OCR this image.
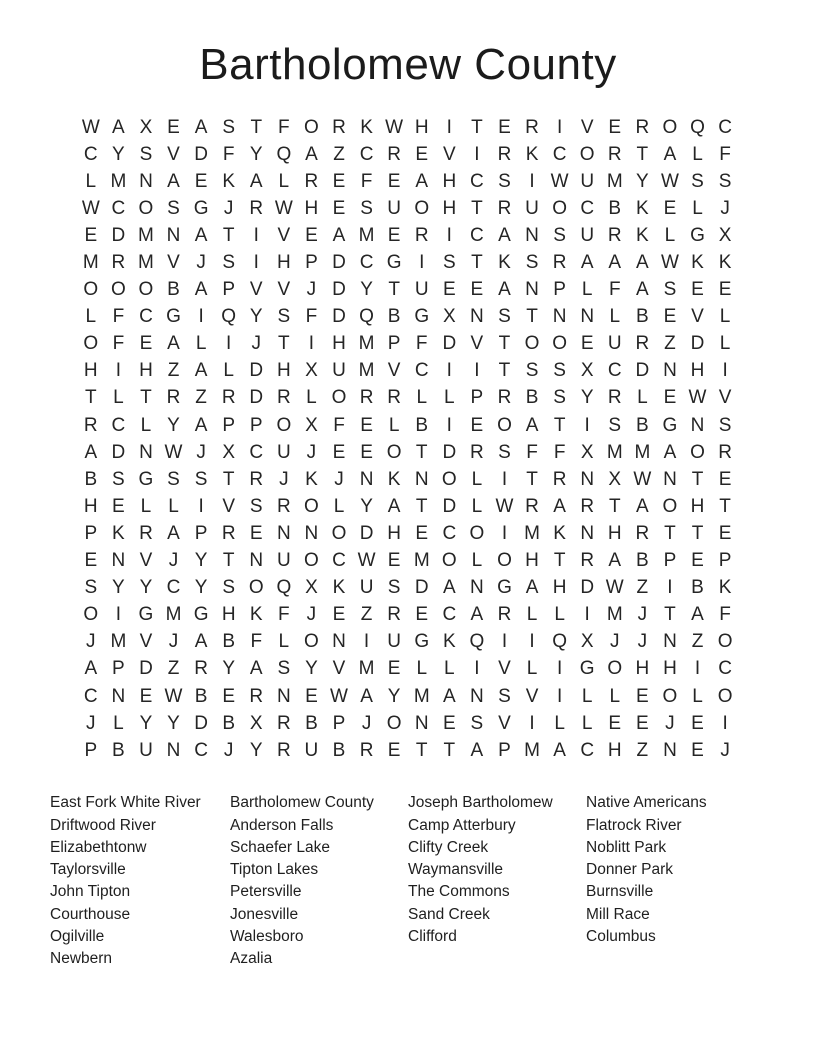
Bartholomew County
W A X E A S T F O R K W H I	T E R I V E R O Q C
C Y S V D F Y Q A Z C R E V I R K C O R T A L F
L M N A E K A L R E F E A H C S I W U M Y W S S
W C O S G J R W H E S U O H T R U O C B K E L J
E D M N A T	I V E A M E R I C A N S U R K L G X
M R M V J S I H P D C G I S T K S R A A A W K K
O O O B A P V V J D Y T U E E A N P L F A S E E
L F C G I Q Y S F D Q B G X N S T N N L B E V L
O F E A L	I	J T	I H M P F D V T O O E U R Z D L
H I H Z A L D H X U M V C I	I	T S S X C D N H I
T L T R Z R D R L O R R L L P R B S Y R L E W V
R C L Y A P P O X F E L B I E O A T	I S B G N S
A D N W J X C U J E E O T D R S F F X M M A O R
B S G S S T R J K J N K N O L	I	T R N X W N T E
H E L L	I V S R O L Y A T D L W R A R T A O H T
P K R A P R E N N O D H E C O I M K N H R T T E
E N V J Y T N U O C W E M O L O H T R A B P E P
S Y Y C Y S O Q X K U S D A N G A H D W Z	I B K
O I G M G H K F J E Z R E C A R L L	I M J T A F
J M V J A B F L O N I U G K Q I	I Q X J J N Z O
A P D Z R Y A S Y V M E L L	I V L	I G O H H I C
C N E W B E R N E W A Y M A N S V I	L L E O L O
J L Y Y D B X R B P J O N E S V I	L L E E J E I
P B U N C J Y R U B R E T T A P M A C H Z N E J
East Fork White River
Driftwood River
Elizabethtonw
Taylorsville
John Tipton
Courthouse
Ogilville
Newbern
Bartholomew County
Anderson Falls
Schaefer Lake
Tipton Lakes
Petersville
Jonesville
Walesboro
Azalia
Joseph Bartholomew
Camp Atterbury
Clifty Creek
Waymansville
The Commons
Sand Creek
Clifford
Native Americans
Flatrock River
Noblitt Park
Donner Park
Burnsville
Mill Race
Columbus
